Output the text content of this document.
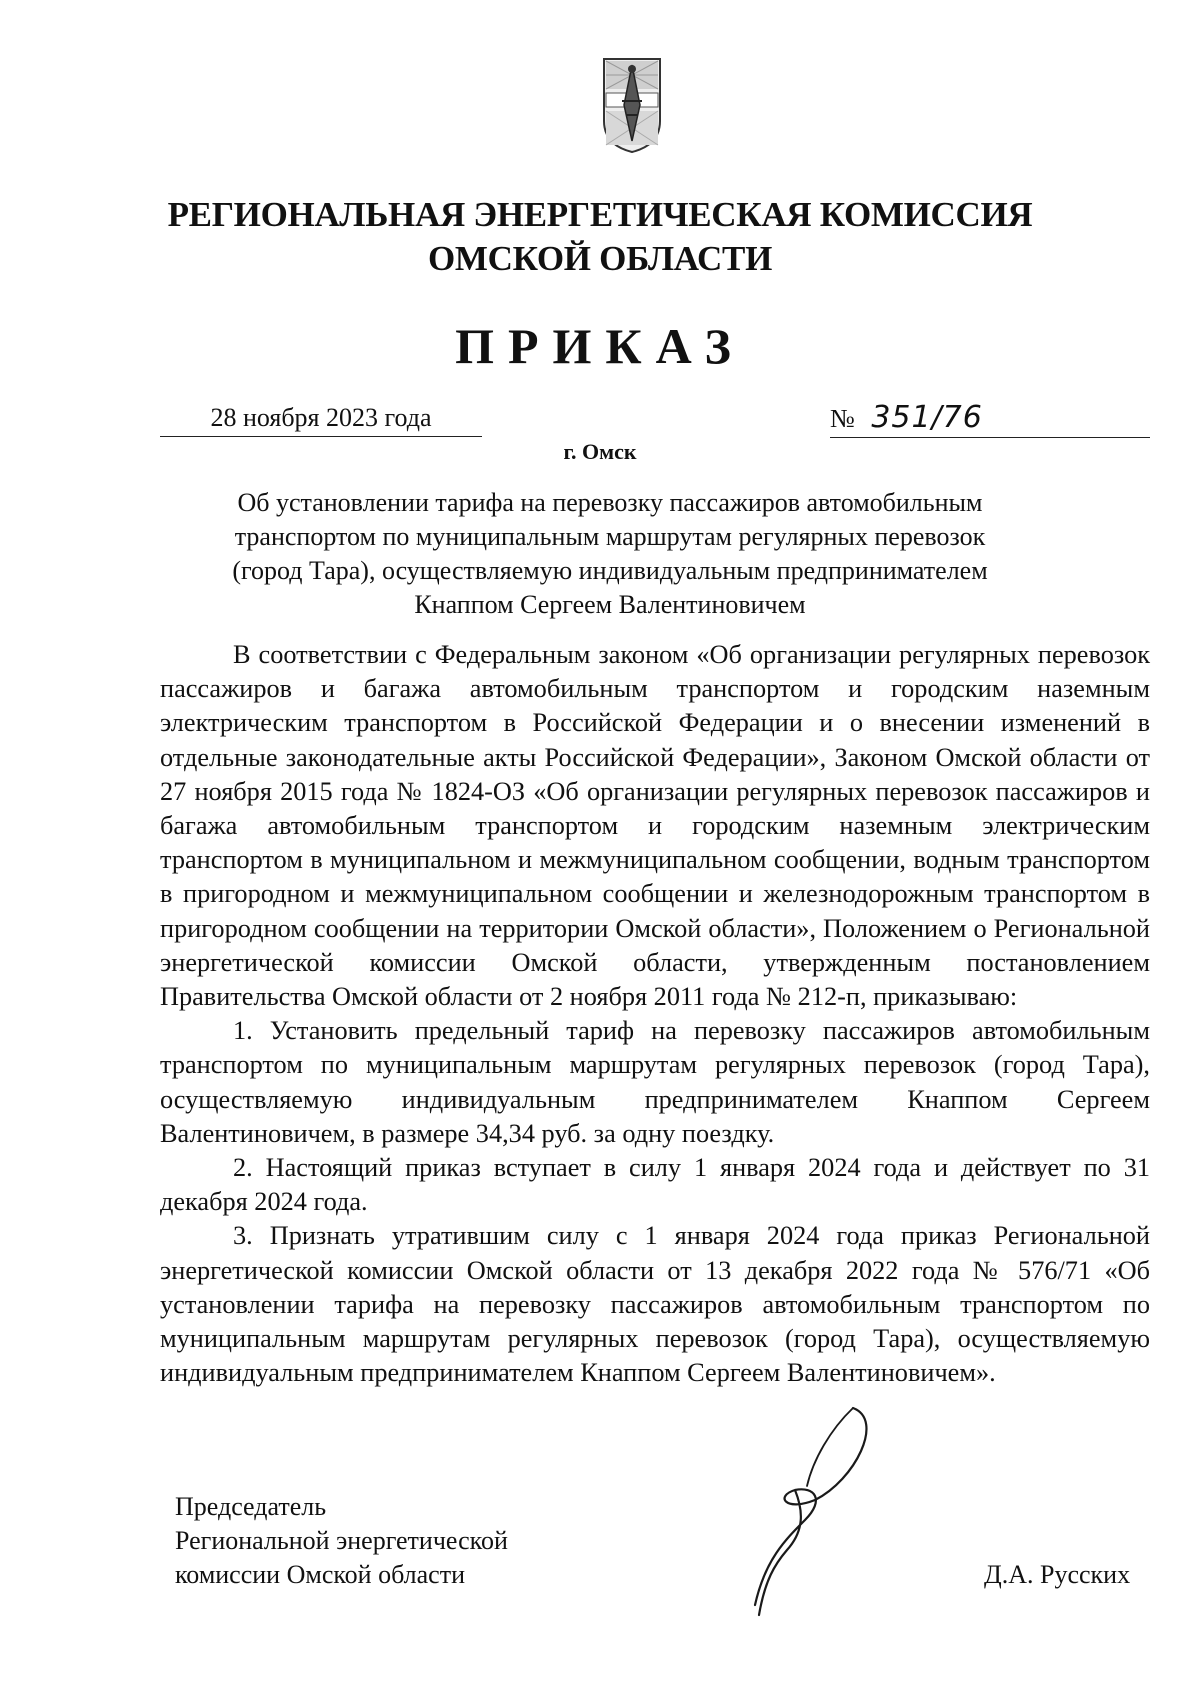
РЕГИОНАЛЬНАЯ ЭНЕРГЕТИЧЕСКАЯ КОМИССИЯ
ОМСКОЙ ОБЛАСТИ
ПРИКАЗ
28 ноября 2023 года	№ 351/76
г. Омск
Об установлении тарифа на перевозку пассажиров автомобильным
транспортом по муниципальным маршрутам регулярных перевозок
(город Тара), осуществляемую индивидуальным предпринимателем
Кнаппом Сергеем Валентиновичем

В соответствии с Федеральным законом «Об организации регулярных перевозок пассажиров и багажа автомобильным транспортом и городским наземным электрическим транспортом в Российской Федерации и о внесении изменений в отдельные законодательные акты Российской Федерации», Законом Омской области от 27 ноября 2015 года № 1824-ОЗ «Об организации регулярных перевозок пассажиров и багажа автомобильным транспортом и городским наземным электрическим транспортом в муниципальном и межмуниципальном сообщении, водным транспортом в пригородном и межмуниципальном сообщении и железнодорожным транспортом в пригородном сообщении на территории Омской области», Положением о Региональной энергетической комиссии Омской области, утвержденным постановлением Правительства Омской области от 2 ноября 2011 года № 212-п, приказываю:

1. Установить предельный тариф на перевозку пассажиров автомобильным транспортом по муниципальным маршрутам регулярных перевозок (город Тара), осуществляемую индивидуальным предпринимателем Кнаппом Сергеем Валентиновичем, в размере 34,34 руб. за одну поездку.

2. Настоящий приказ вступает в силу 1 января 2024 года и действует по 31 декабря 2024 года.

3. Признать утратившим силу с 1 января 2024 года приказ Региональной энергетической комиссии Омской области от 13 декабря 2022 года № 576/71 «Об установлении тарифа на перевозку пассажиров автомобильным транспортом по муниципальным маршрутам регулярных перевозок (город Тара), осуществляемую индивидуальным предпринимателем Кнаппом Сергеем Валентиновичем».

Председатель
Региональной энергетической
комиссии Омской области	Д.А. Русских
